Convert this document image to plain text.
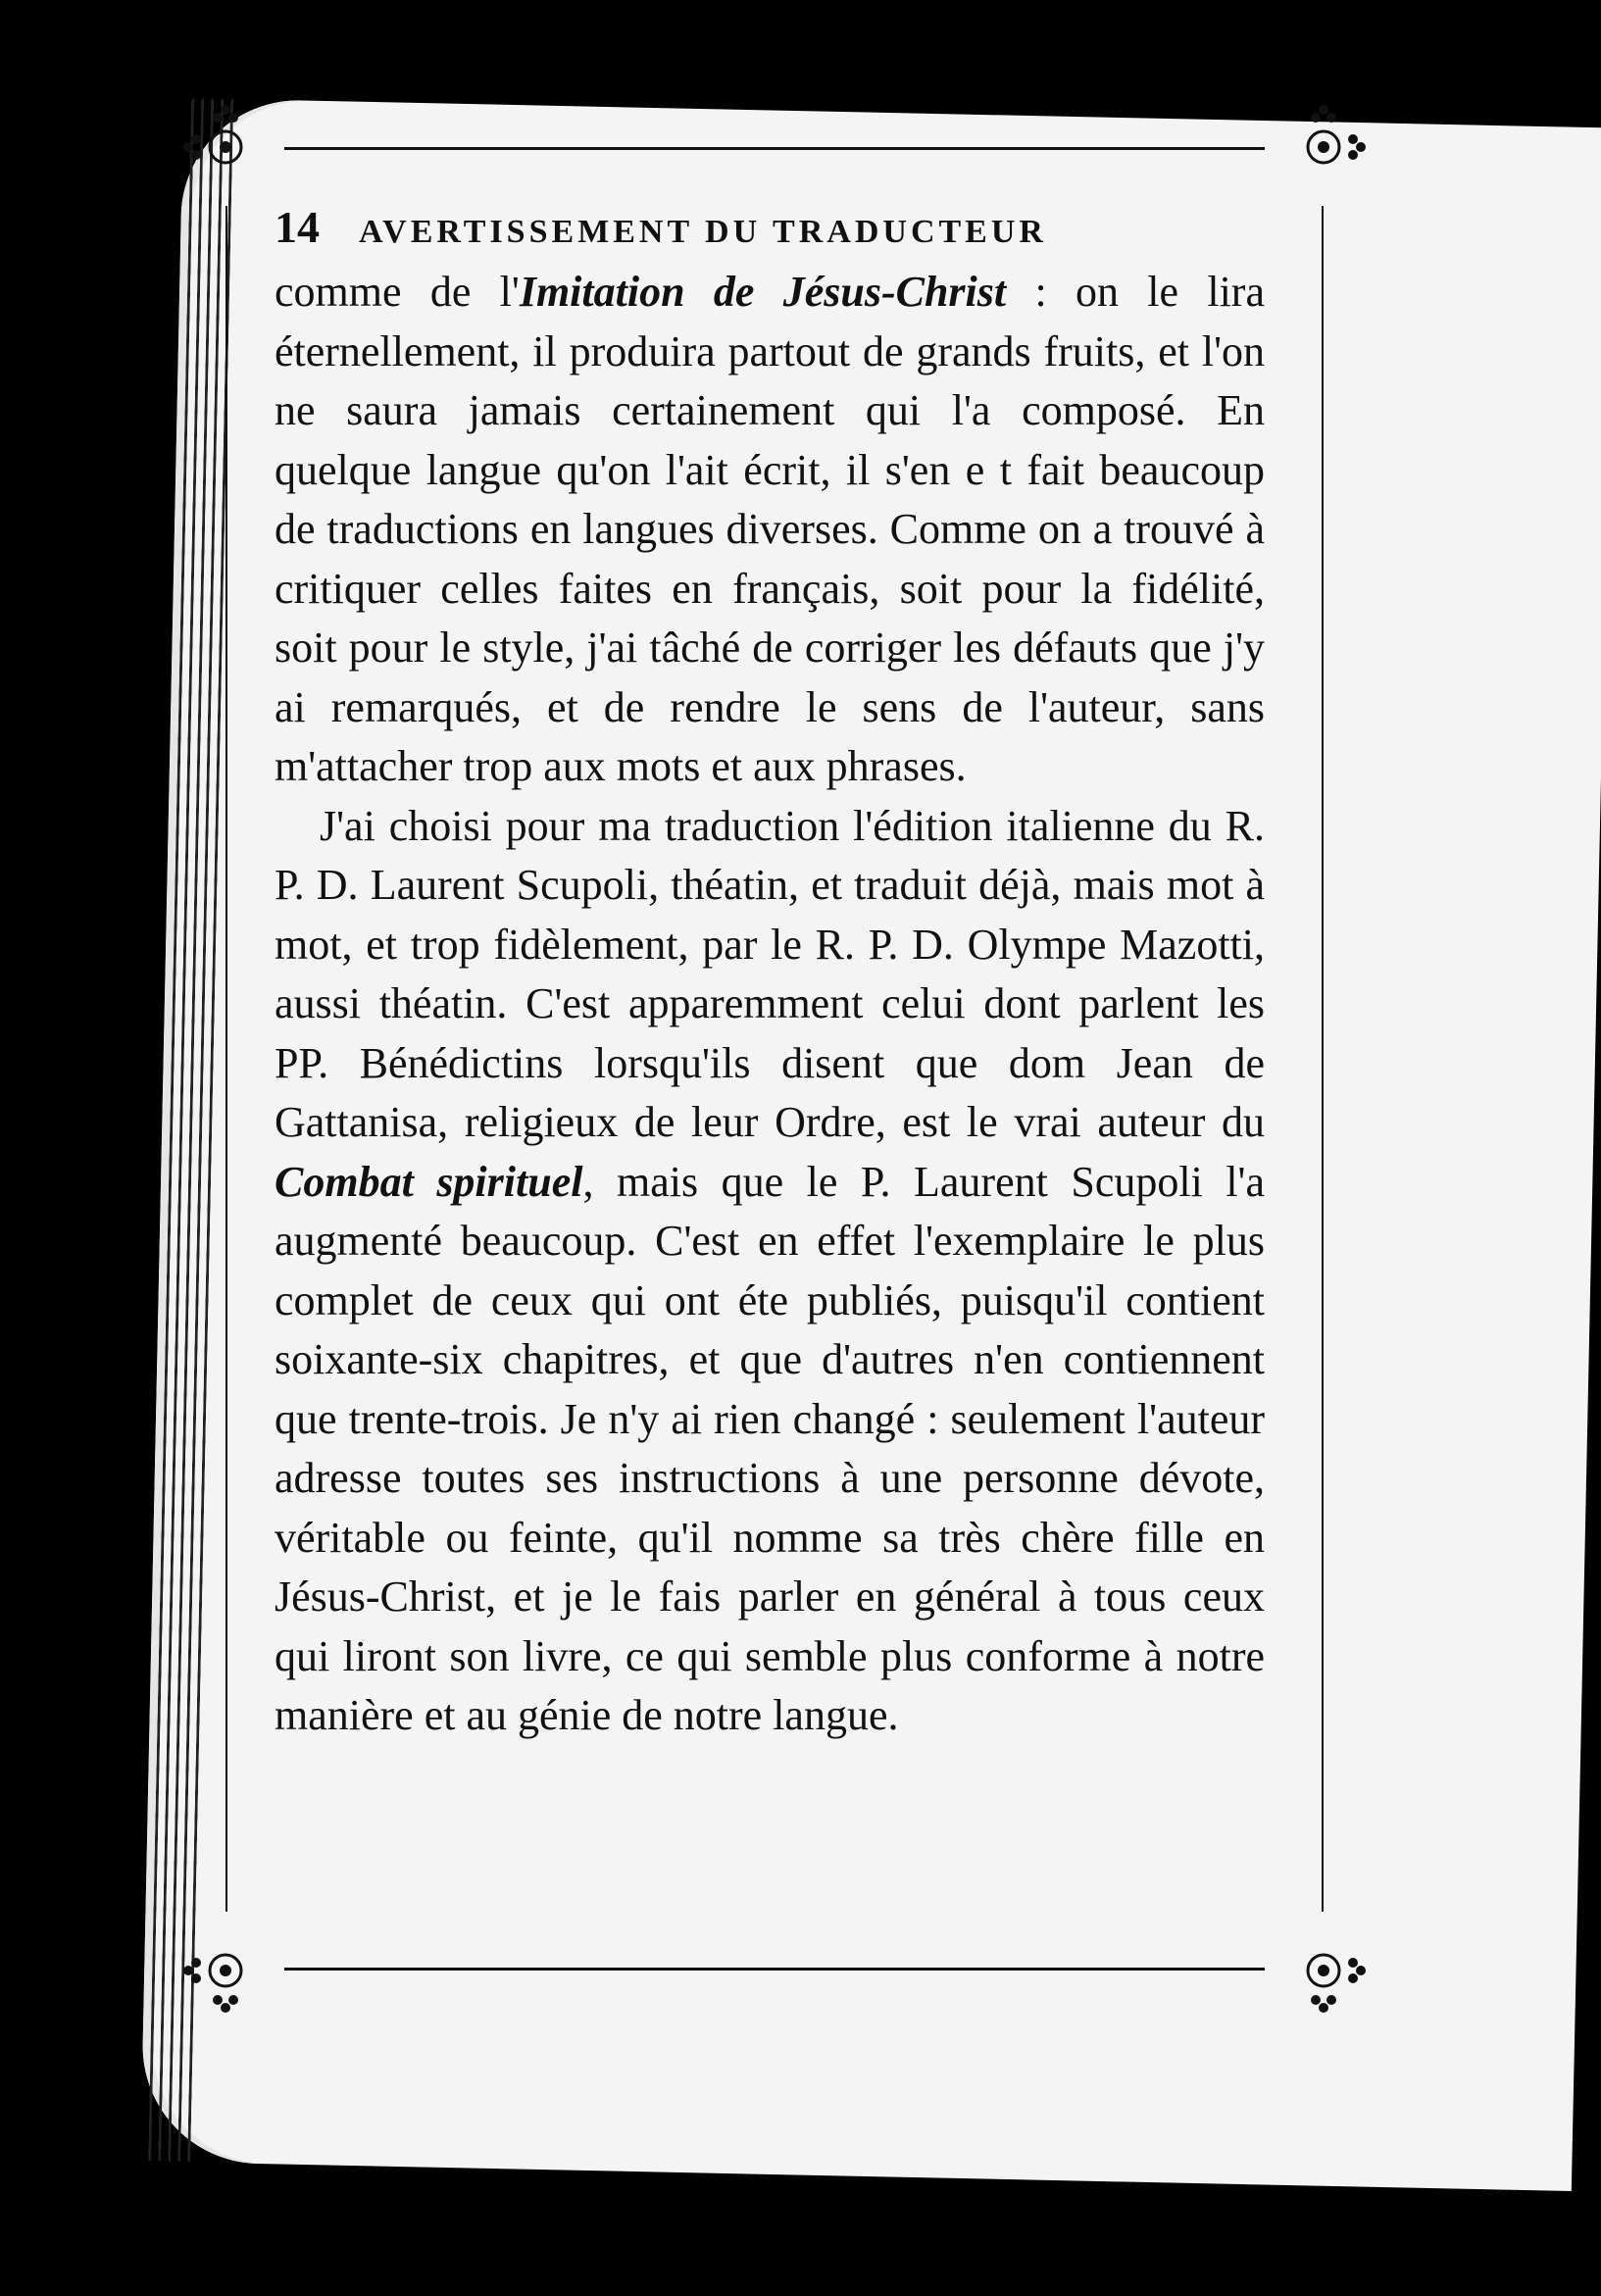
14 AVERTISSEMENT DU TRADUCTEUR

comme de l'Imitation de Jésus-Christ : on le lira éternellement, il produira partout de grands fruits, et l'on ne saura jamais certainement qui l'a composé. En quelque langue qu'on l'ait écrit, il s'en e t fait beaucoup de traductions en langues diverses. Comme on a trouvé à critiquer celles faites en français, soit pour la fidélité, soit pour le style, j'ai tâché de corriger les défauts que j'y ai remarqués, et de rendre le sens de l'auteur, sans m'attacher trop aux mots et aux phrases.

J'ai choisi pour ma traduction l'édition italienne du R. P. D. Laurent Scupoli, théatin, et traduit déjà, mais mot à mot, et trop fidèlement, par le R. P. D. Olympe Mazotti, aussi théatin. C'est apparemment celui dont parlent les PP. Bénédictins lorsqu'ils disent que dom Jean de Gattanisa, religieux de leur Ordre, est le vrai auteur du Combat spirituel, mais que le P. Laurent Scupoli l'a augmenté beaucoup. C'est en effet l'exemplaire le plus complet de ceux qui ont éte publiés, puisqu'il contient soixante-six chapitres, et que d'autres n'en contiennent que trente-trois. Je n'y ai rien changé : seulement l'auteur adresse toutes ses instructions à une personne dévote, véritable ou feinte, qu'il nomme sa très chère fille en Jésus-Christ, et je le fais parler en général à tous ceux qui liront son livre, ce qui semble plus conforme à notre manière et au génie de notre langue.
